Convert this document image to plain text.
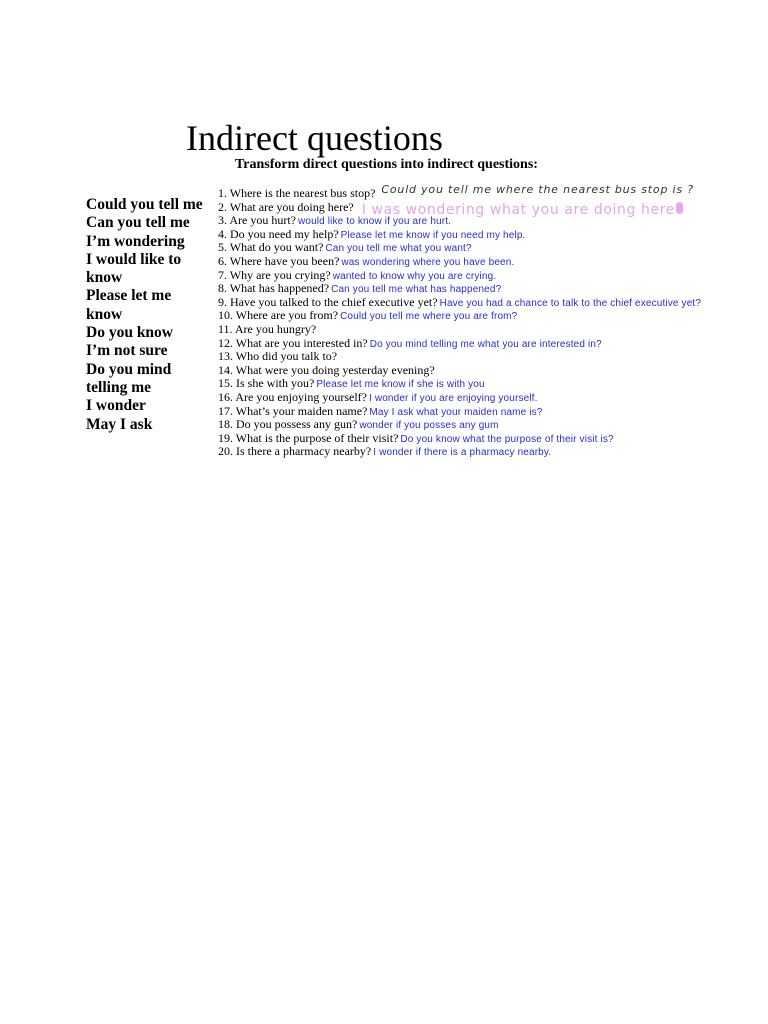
Indirect questions
Transform direct questions into indirect questions:
Could you tell me
Can you tell me
I’m wondering
I would like to
know
Please let me
know
Do you know
I’m not sure
Do you mind
telling me
I wonder
May I ask
1. Where is the nearest bus stop? Could you tell me where the nearest bus stop is ?
2. What are you doing here? I was wondering what you are doing here
3. Are you hurt? would like to know if you are hurt.
4. Do you need my help? Please let me know if you need my help.
5. What do you want? Can you tell me what you want?
6. Where have you been? was wondering where you have been.
7. Why are you crying? wanted to know why you are crying.
8. What has happened? Can you tell me what has happened?
9. Have you talked to the chief executive yet? Have you had a chance to talk to the chief executive yet?
10. Where are you from? Could you tell me where you are from?
11. Are you hungry?
12. What are you interested in? Do you mind telling me what you are interested in?
13. Who did you talk to?
14. What were you doing yesterday evening?
15. Is she with you? Please let me know if she is with you
16. Are you enjoying yourself? I wonder if you are enjoying yourself.
17. What’s your maiden name? May I ask what your maiden name is?
18. Do you possess any gun? wonder if you posses any gum
19. What is the purpose of their visit? Do you know what the purpose of their visit is?
20. Is there a pharmacy nearby? I wonder if there is a pharmacy nearby.
